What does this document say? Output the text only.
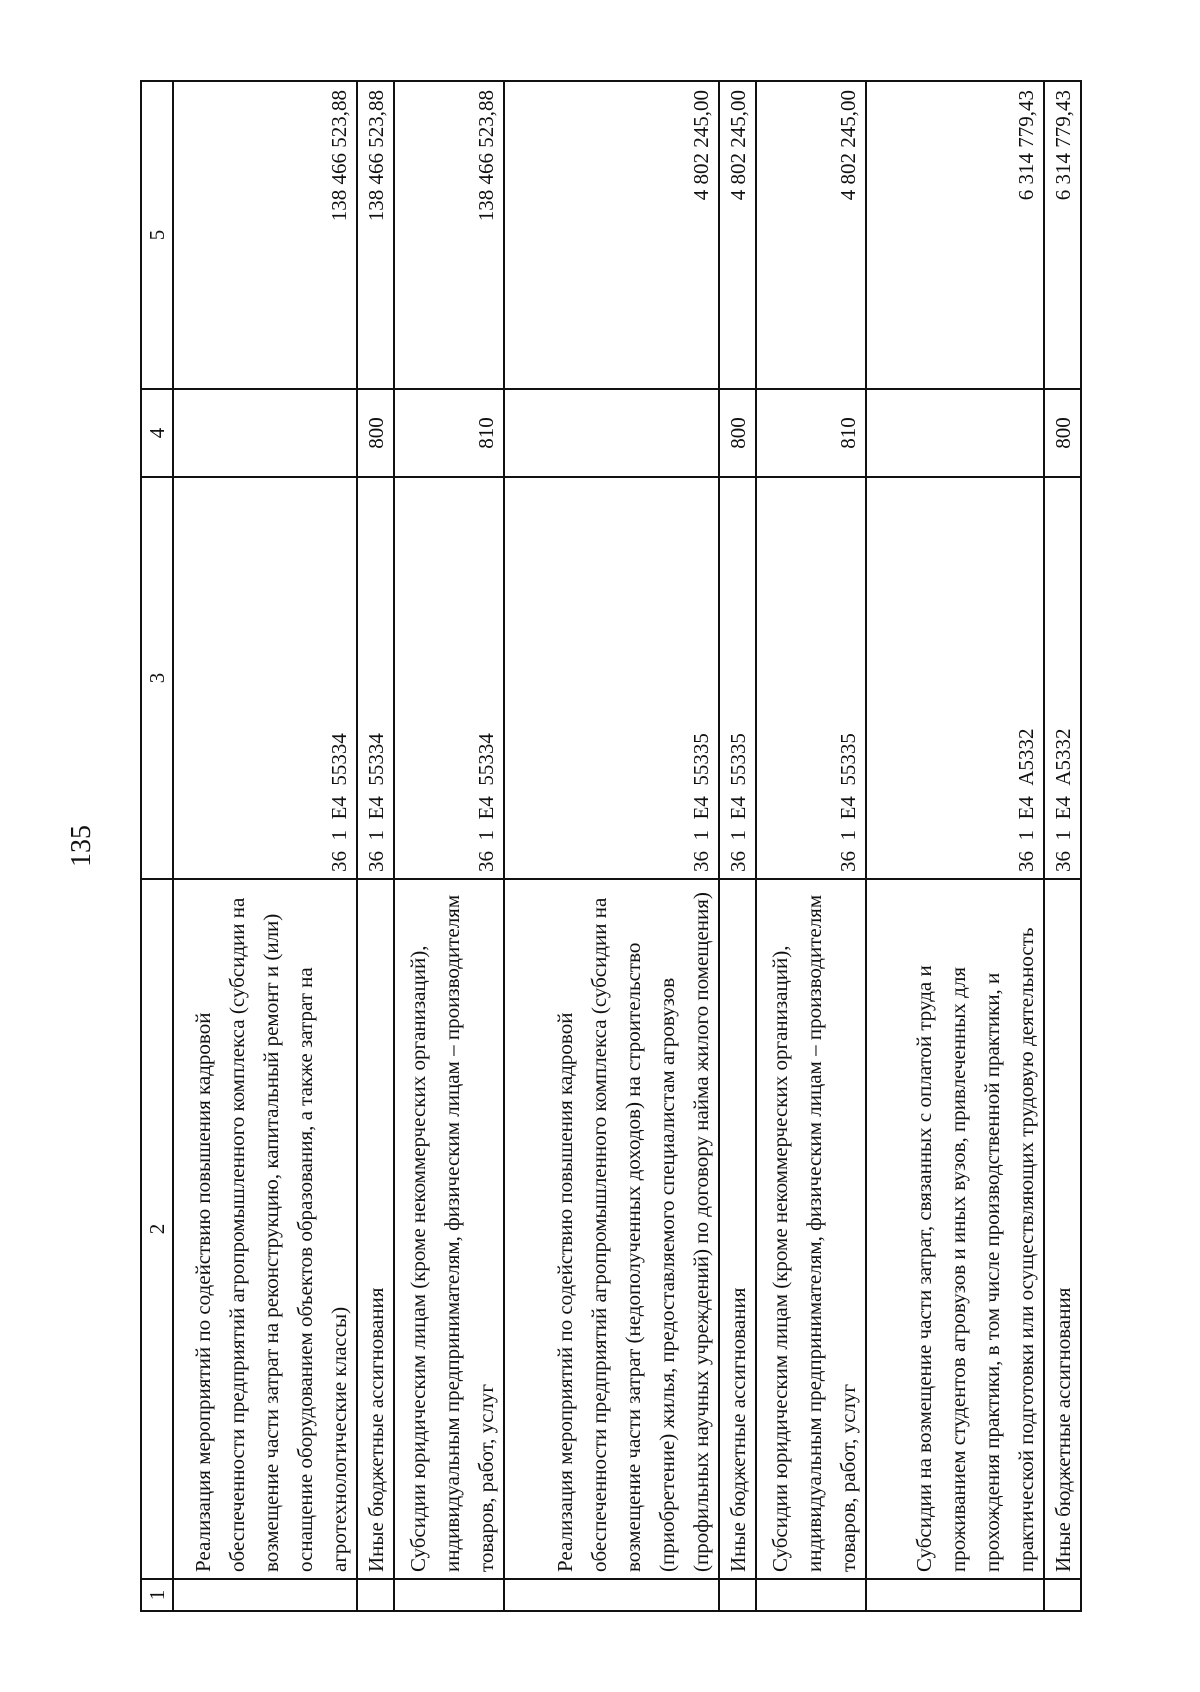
135
1	2	3	4	5
	Реализация мероприятий по содействию повышения кадровой обеспеченности предприятий агропромышленного комплекса (субсидии на возмещение части затрат на реконструкцию, капитальный ремонт и (или) оснащение оборудованием объектов образования, а также затрат на агротехнологические классы)	36  1  Е4  55334		138 466 523,88
	Иные бюджетные ассигнования	36  1  Е4  55334	800	138 466 523,88
	Субсидии юридическим лицам (кроме некоммерческих организаций), индивидуальным предпринимателям, физическим лицам – производителям товаров, работ, услуг	36  1  Е4  55334	810	138 466 523,88
	Реализация мероприятий по содействию повышения кадровой обеспеченности предприятий агропромышленного комплекса (субсидии на возмещение части затрат (недополученных доходов) на строительство (приобретение) жилья, предоставляемого специалистам агровузов (профильных научных учреждений) по договору найма жилого помещения)	36  1  Е4  55335		4 802 245,00
	Иные бюджетные ассигнования	36  1  Е4  55335	800	4 802 245,00
	Субсидии юридическим лицам (кроме некоммерческих организаций), индивидуальным предпринимателям, физическим лицам – производителям товаров, работ, услуг	36  1  Е4  55335	810	4 802 245,00
	Субсидии на возмещение части затрат, связанных с оплатой труда и проживанием студентов агровузов и иных вузов, привлеченных для прохождения практики, в том числе производственной практики, и практической подготовки или осуществляющих трудовую деятельность	36  1  Е4  А5332		6 314 779,43
	Иные бюджетные ассигнования	36  1  Е4  А5332	800	6 314 779,43
